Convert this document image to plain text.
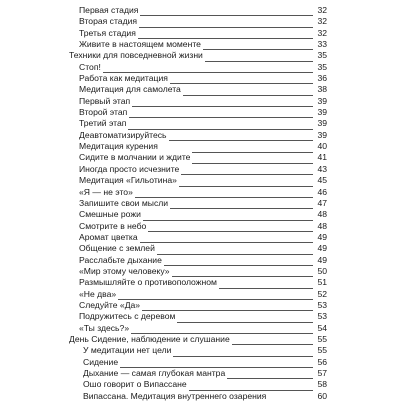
Первая стадия	32
Вторая стадия	32
Третья стадия	32
Живите в настоящем моменте	33
Техники для повседневной жизни	35
Стоп!	35
Работа как медитация	36
Медитация для самолета	38
Первый этап	39
Второй этап	39
Третий этап	39
Деавтоматизируйтесь	39
Медитация курения	40
Сидите в молчании и ждите	41
Иногда просто исчезните	43
Медитация «Гильотина»	45
«Я — не это»	46
Запишите свои мысли	47
Смешные рожи	48
Смотрите в небо	48
Аромат цветка	49
Общение с землей	49
Расслабьте дыхание	49
«Мир этому человеку»	50
Размышляйте о противоположном	51
«Не два»	52
Следуйте «Да»	53
Подружитесь с деревом	53
«Ты здесь?»	54
День Сидение, наблюдение и слушание	55
У медитации нет цели	55
Сидение	56
Дыхание — самая глубокая мантра	57
Ошо говорит о Випассане	58
Випассана. Медитация внутреннего озарения	60
